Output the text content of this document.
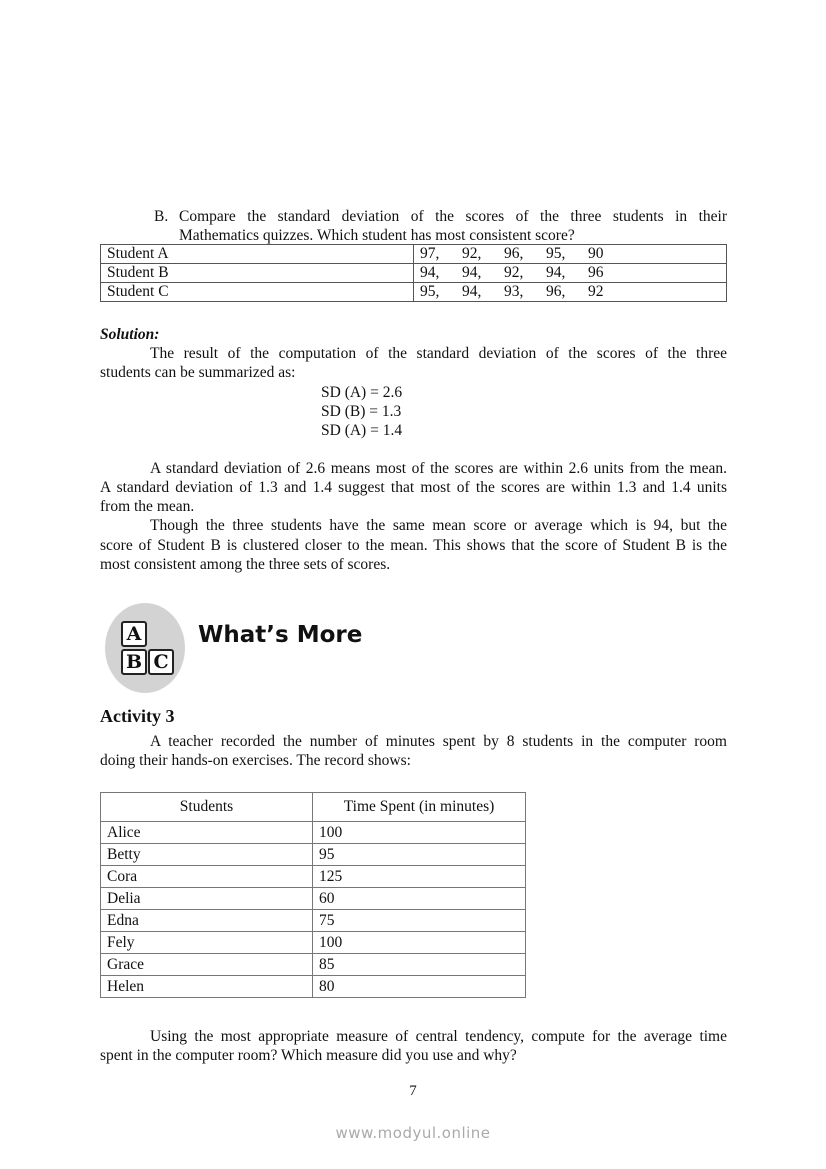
B. Compare the standard deviation of the scores of the three students in their
Mathematics quizzes. Which student has most consistent score?
Student A	97, 92, 96, 95, 90
Student B	94, 94, 92, 94, 96
Student C	95, 94, 93, 96, 92
Solution:
The result of the computation of the standard deviation of the scores of the three
students can be summarized as:
SD (A) = 2.6
SD (B) = 1.3
SD (A) = 1.4
A standard deviation of 2.6 means most of the scores are within 2.6 units from the mean.
A standard deviation of 1.3 and 1.4 suggest that most of the scores are within 1.3 and 1.4 units
from the mean.
Though the three students have the same mean score or average which is 94, but the
score of Student B is clustered closer to the mean. This shows that the score of Student B is the
most consistent among the three sets of scores.
A
B C
What’s More
Activity 3
A teacher recorded the number of minutes spent by 8 students in the computer room
doing their hands-on exercises. The record shows:
Students	Time Spent (in minutes)
Alice	100
Betty	95
Cora	125
Delia	60
Edna	75
Fely	100
Grace	85
Helen	80
Using the most appropriate measure of central tendency, compute for the average time
spent in the computer room? Which measure did you use and why?
7
www.modyul.online
